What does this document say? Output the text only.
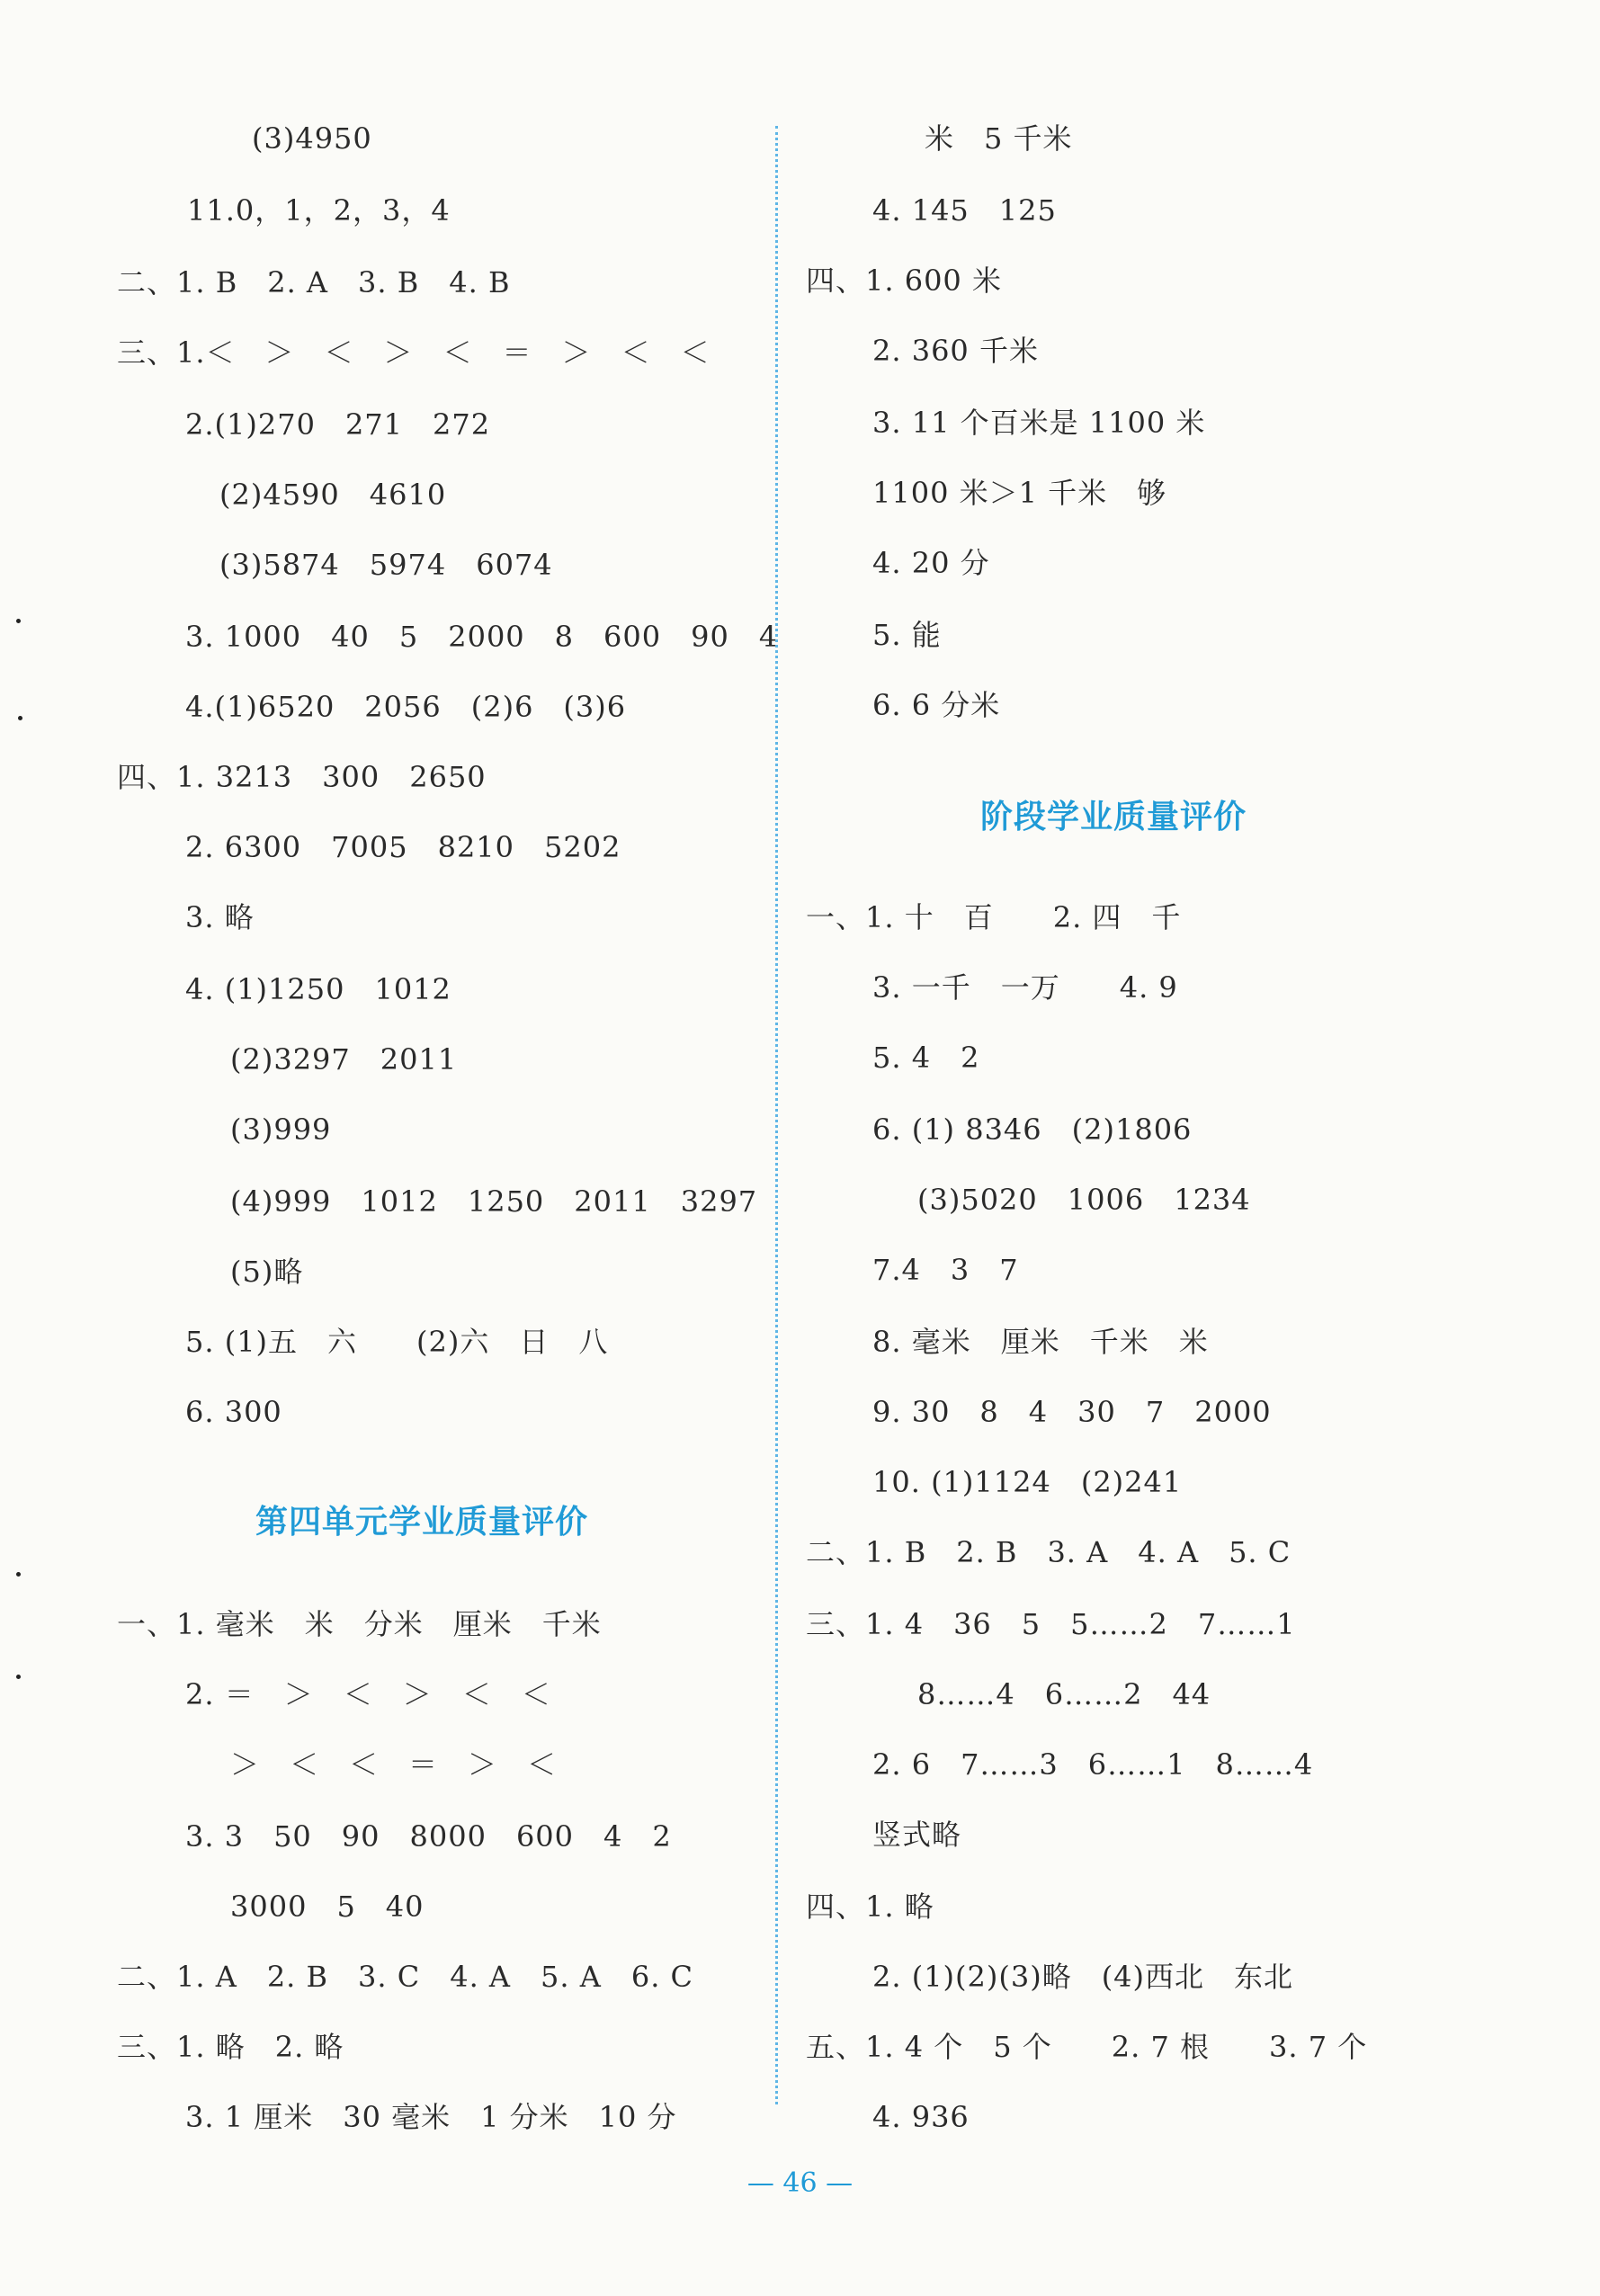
(3)4950
11.0，1，2，3，4
二、1. B　2. A　3. B　4. B
三、1.＜　＞　＜　＞　＜　＝　＞　＜　＜
2.(1)270　271　272
(2)4590　4610
(3)5874　5974　6074
3. 1000　40　5　2000　8　600　90　4
4.(1)6520　2056　(2)6　(3)6
四、1. 3213　300　2650
2. 6300　7005　8210　5202
3. 略
4. (1)1250　1012
(2)3297　2011
(3)999
(4)999　1012　1250　2011　3297
(5)略
5. (1)五　六　　(2)六　日　八
6. 300
第四单元学业质量评价
一、1. 毫米　米　分米　厘米　千米
2. ＝　＞　＜　＞　＜　＜
＞　＜　＜　＝　＞　＜
3. 3　50　90　8000　600　4　2
3000　5　40
二、1. A　2. B　3. C　4. A　5. A　6. C
三、1. 略　2. 略
3. 1 厘米　30 毫米　1 分米　10 分
米　5 千米
4. 145　125
四、1. 600 米
2. 360 千米
3. 11 个百米是 1100 米
1100 米＞1 千米　够
4. 20 分
5. 能
6. 6 分米
阶段学业质量评价
一、1. 十　百　　2. 四　千
3. 一千　一万　　4. 9
5. 4　2
6. (1) 8346　(2)1806
(3)5020　1006　1234
7.4　3　7
8. 毫米　厘米　千米　米
9. 30　8　4　30　7　2000
10. (1)1124　(2)241
二、1. B　2. B　3. A　4. A　5. C
三、1. 4　36　5　5……2　7……1
8……4　6……2　44
2. 6　7……3　6……1　8……4
竖式略
四、1. 略
2. (1)(2)(3)略　(4)西北　东北
五、1. 4 个　5 个　　2. 7 根　　3. 7 个
4. 936
— 46 —
